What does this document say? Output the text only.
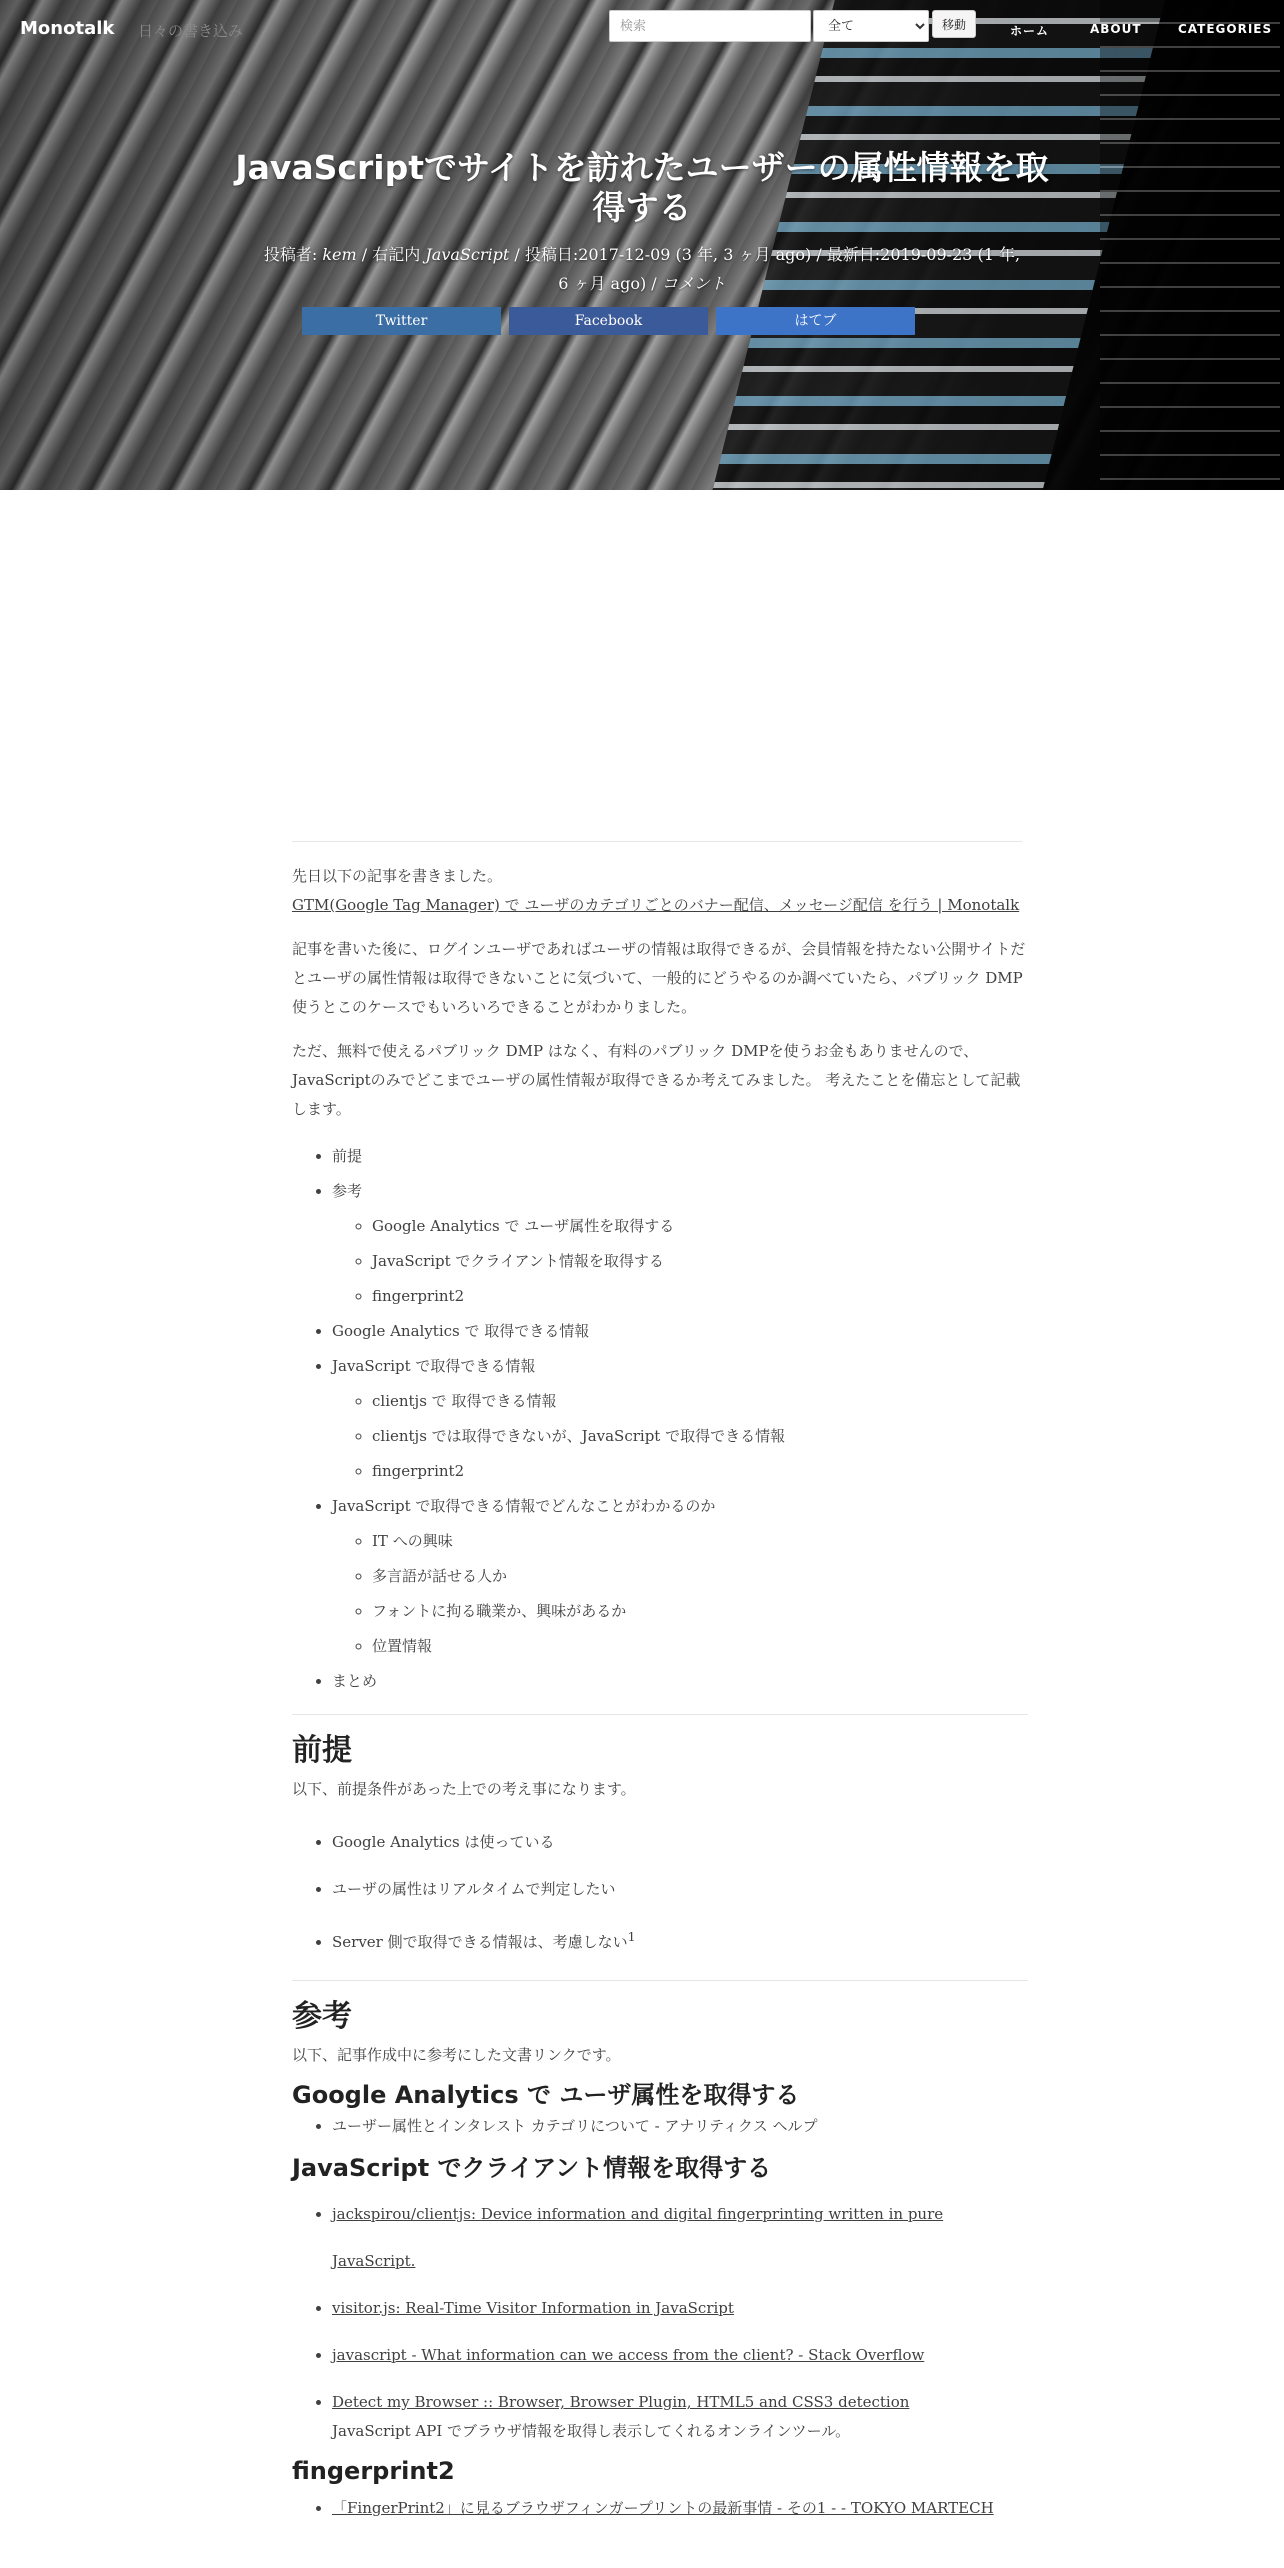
Monotalk 日々の書き込み
検索
全て	移動	ホーム	ABOUT	CATEGORIES
JavaScriptでサイトを訪れたユーザーの属性情報を取得する
投稿者: kem / 右記内 JavaScript / 投稿日:2017-12-09 (3 年, 3 ヶ月 ago) / 最新日:2019-09-23 (1 年,
6 ヶ月 ago) / コメント
Twitter	Facebook	はてブ

先日以下の記事を書きました。
GTM(Google Tag Manager) で ユーザのカテゴリごとのバナー配信、メッセージ配信 を行う | Monotalk

記事を書いた後に、ログインユーザであればユーザの情報は取得できるが、会員情報を持たない公開サイトだとユーザの属性情報は取得できないことに気づいて、一般的にどうやるのか調べていたら、パブリック DMP 使うとこのケースでもいろいろできることがわかりました。

ただ、無料で使えるパブリック DMP はなく、有料のパブリック DMPを使うお金もありませんので、JavaScriptのみでどこまでユーザの属性情報が取得できるか考えてみました。 考えたことを備忘として記載します。

• 前提
• 参考
◦ Google Analytics で ユーザ属性を取得する
◦ JavaScript でクライアント情報を取得する
◦ fingerprint2
• Google Analytics で 取得できる情報
• JavaScript で取得できる情報
◦ clientjs で 取得できる情報
◦ clientjs では取得できないが、JavaScript で取得できる情報
◦ fingerprint2
• JavaScript で取得できる情報でどんなことがわかるのか
◦ IT への興味
◦ 多言語が話せる人か
◦ フォントに拘る職業か、興味があるか
◦ 位置情報
• まとめ
前提

以下、前提条件があった上での考え事になります。

• Google Analytics は使っている
• ユーザの属性はリアルタイムで判定したい
• Server 側で取得できる情報は、考慮しない$^1$
参考

以下、記事作成中に参考にした文書リンクです。

Google Analytics で ユーザ属性を取得する
• ユーザー属性とインタレスト カテゴリについて - アナリティクス ヘルプ
JavaScript でクライアント情報を取得する
• jackspirou/clientjs: Device information and digital fingerprinting written in pure JavaScript.
• visitor.js: Real-Time Visitor Information in JavaScript
• javascript - What information can we access from the client? - Stack Overflow
• Detect my Browser :: Browser, Browser Plugin, HTML5 and CSS3 detection
JavaScript API でブラウザ情報を取得し表示してくれるオンラインツール。
fingerprint2
• 「FingerPrint2」に見るブラウザフィンガープリントの最新事情 - その1 - - TOKYO MARTECH
